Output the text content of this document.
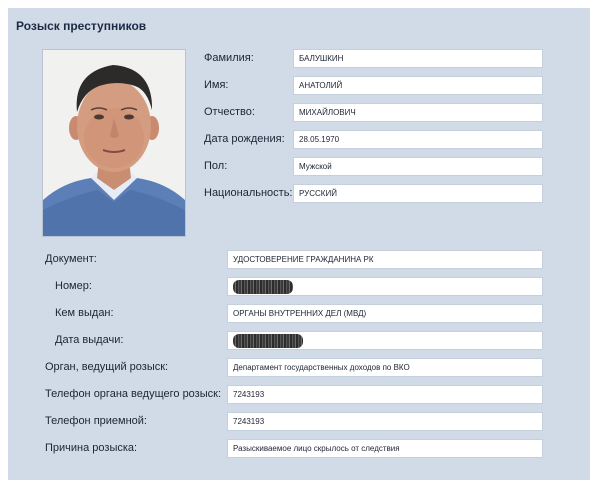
Розыск преступников
Фамилия:	БАЛУШКИН
Имя:	АНАТОЛИЙ
Отчество:	МИХАЙЛОВИЧ
Дата рождения:	28.05.1970
Пол:	Мужской
Национальность: РУССКИЙ
Документ:	УДОСТОВЕРЕНИЕ ГРАЖДАНИНА РК
Номер:
Кем выдан:	ОРГАНЫ ВНУТРЕННИХ ДЕЛ (МВД)
Дата выдачи:
Орган, ведущий розыск:	Департамент государственных доходов по ВКО
Телефон органа ведущего розыск:	7243193
Телефон приемной:	7243193
Причина розыска:	Разыскиваемое лицо скрылось от следствия
